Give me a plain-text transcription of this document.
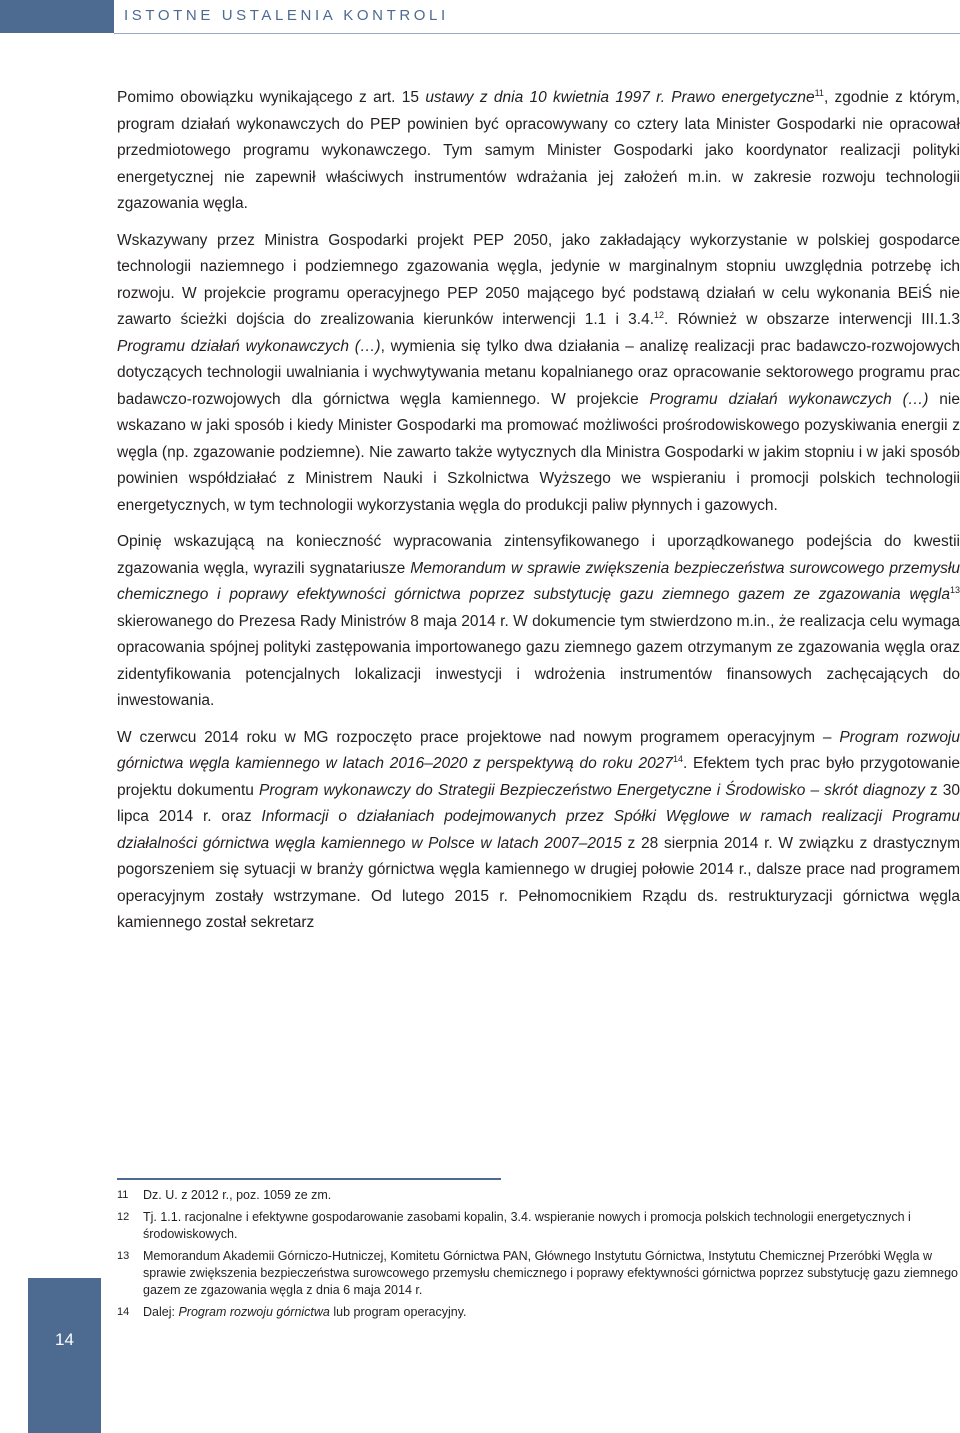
ISTOTNE USTALENIA KONTROLI

Pomimo obowiązku wynikającego z art. 15 ustawy z dnia 10 kwietnia 1997 r. Prawo energetyczne$^{11}$, zgodnie z którym, program działań wykonawczych do PEP powinien być opracowywany co cztery lata Minister Gospodarki nie opracował przedmiotowego programu wykonawczego. Tym samym Minister Gospodarki jako koordynator realizacji polityki energetycznej nie zapewnił właściwych instrumentów wdrażania jej założeń m.in. w zakresie rozwoju technologii zgazowania węgla.

Wskazywany przez Ministra Gospodarki projekt PEP 2050, jako zakładający wykorzystanie w polskiej gospodarce technologii naziemnego i podziemnego zgazowania węgla, jedynie w marginalnym stopniu uwzględnia potrzebę ich rozwoju. W projekcie programu operacyjnego PEP 2050 mającego być podstawą działań w celu wykonania BEiŚ nie zawarto ścieżki dojścia do zrealizowania kierunków interwencji 1.1 i 3.4.12. Również w obszarze interwencji III.1.3 Programu działań wykonawczych (…), wymienia się tylko dwa działania – analizę realizacji prac badawczo-rozwojowych dotyczących technologii uwalniania i wychwytywania metanu kopalnianego oraz opracowanie sektorowego programu prac badawczo-rozwojowych dla górnictwa węgla kamiennego. W projekcie Programu działań wykonawczych (…) nie wskazano w jaki sposób i kiedy Minister Gospodarki ma promować możliwości prośrodowiskowego pozyskiwania energii z węgla (np. zgazowanie podziemne). Nie zawarto także wytycznych dla Ministra Gospodarki w jakim stopniu i w jaki sposób powinien współdziałać z Ministrem Nauki i Szkolnictwa Wyższego we wspieraniu i promocji polskich technologii energetycznych, w tym technologii wykorzystania węgla do produkcji paliw płynnych i gazowych.

Opinię wskazującą na konieczność wypracowania zintensyfikowanego i uporządkowanego podejścia do kwestii zgazowania węgla, wyrazili sygnatariusze Memorandum w sprawie zwiększenia bezpieczeństwa surowcowego przemysłu chemicznego i poprawy efektywności górnictwa poprzez substytucję gazu ziemnego gazem ze zgazowania węgla$^{13}$ skierowanego do Prezesa Rady Ministrów 8 maja 2014 r. W dokumencie tym stwierdzono m.in., że realizacja celu wymaga opracowania spójnej polityki zastępowania importowanego gazu ziemnego gazem otrzymanym ze zgazowania węgla oraz zidentyfikowania potencjalnych lokalizacji inwestycji i wdrożenia instrumentów finansowych zachęcających do inwestowania.

W czerwcu 2014 roku w MG rozpoczęto prace projektowe nad nowym programem operacyjnym – Program rozwoju górnictwa węgla kamiennego w latach 2016–2020 z perspektywą do roku 2027$^{14}$. Efektem tych prac było przygotowanie projektu dokumentu Program wykonawczy do Strategii Bezpieczeństwo Energetyczne i Środowisko – skrót diagnozy z 30 lipca 2014 r. oraz Informacji o działaniach podejmowanych przez Spółki Węglowe w ramach realizacji Programu działalności górnictwa węgla kamiennego w Polsce w latach 2007–2015 z 28 sierpnia 2014 r. W związku z drastycznym pogorszeniem się sytuacji w branży górnictwa węgla kamiennego w drugiej połowie 2014 r., dalsze prace nad programem operacyjnym zostały wstrzymane. Od lutego 2015 r. Pełnomocnikiem Rządu ds. restrukturyzacji górnictwa węgla kamiennego został sekretarz

11	Dz. U. z 2012 r., poz. 1059 ze zm.
12	Tj. 1.1. racjonalne i efektywne gospodarowanie zasobami kopalin, 3.4. wspieranie nowych i promocja polskich technologii energetycznych i środowiskowych.
13	Memorandum Akademii Górniczo-Hutniczej, Komitetu Górnictwa PAN, Głównego Instytutu Górnictwa, Instytutu Chemicznej Przeróbki Węgla w sprawie zwiększenia bezpieczeństwa surowcowego przemysłu chemicznego i poprawy efektywności górnictwa poprzez substytucję gazu ziemnego gazem ze zgazowania węgla z dnia 6 maja 2014 r.
14	Dalej: Program rozwoju górnictwa lub program operacyjny.
14
